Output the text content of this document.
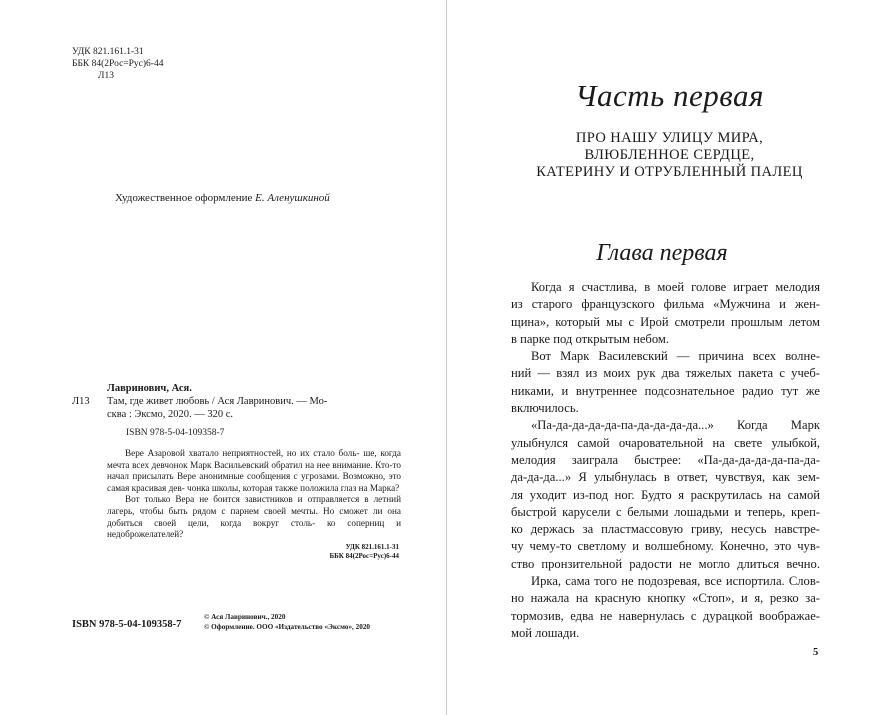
УДК 821.161.1-31
ББК 84(2Рос=Рус)6-44
Л13
Художественное оформление Е. Аленушкиной
Лавринович, Ася.
Л13	Там, где живет любовь / Ася Лавринович. — Мо-
сква : Эксмо, 2020. — 320 с.
ISBN 978-5-04-109358-7

Вере Азаровой хватало неприятностей, но их стало боль- ше, когда мечта всех девчонок Марк Васильевский обратил на нее внимание. Кто-то начал присылать Вере анонимные сообщения с угрозами. Возможно, это самая красивая дев- чонка школы, которая также положила глаз на Марка?

Вот только Вера не боится завистников и отправляется в летний лагерь, чтобы быть рядом с парнем своей мечты. Но сможет ли она добиться своей цели, когда вокруг столь- ко соперниц и недоброжелателей?

УДК 821.161.1-31
ББК 84(2Рос=Рус)6-44
ISBN 978-5-04-109358-7
© Ася Лавринович., 2020
© Оформление. ООО «Издательство «Эксмо», 2020
Часть первая
ПРО НАШУ УЛИЦУ МИРА,
ВЛЮБЛЕННОЕ СЕРДЦЕ,
КАТЕРИНУ И ОТРУБЛЕННЫЙ ПАЛЕЦ
Глава первая
Когда я счастлива, в моей голове играет мелодия
из старого французского фильма «Мужчина и жен-
щина», который мы с Ирой смотрели прошлым летом
в парке под открытым небом.
Вот Марк Василевский — причина всех волне-
ний — взял из моих рук два тяжелых пакета с учеб-
никами, и внутреннее подсознательное радио тут же
включилось.
«Па-да-да-да-да-па-да-да-да-да...» Когда Марк
улыбнулся самой очаровательной на свете улыбкой,
мелодия заиграла быстрее: «Па-да-да-да-да-па-да-
да-да-да...» Я улыбнулась в ответ, чувствуя, как зем-
ля уходит из-под ног. Будто я раскрутилась на самой
быстрой карусели с белыми лошадьми и теперь, креп-
ко держась за пластмассовую гриву, несусь навстре-
чу чему-то светлому и волшебному. Конечно, это чув-
ство пронзительной радости не могло длиться вечно.
Ирка, сама того не подозревая, все испортила. Слов-
но нажала на красную кнопку «Стоп», и я, резко за-
тормозив, едва не навернулась с дурацкой воображае-
мой лошади.
5
